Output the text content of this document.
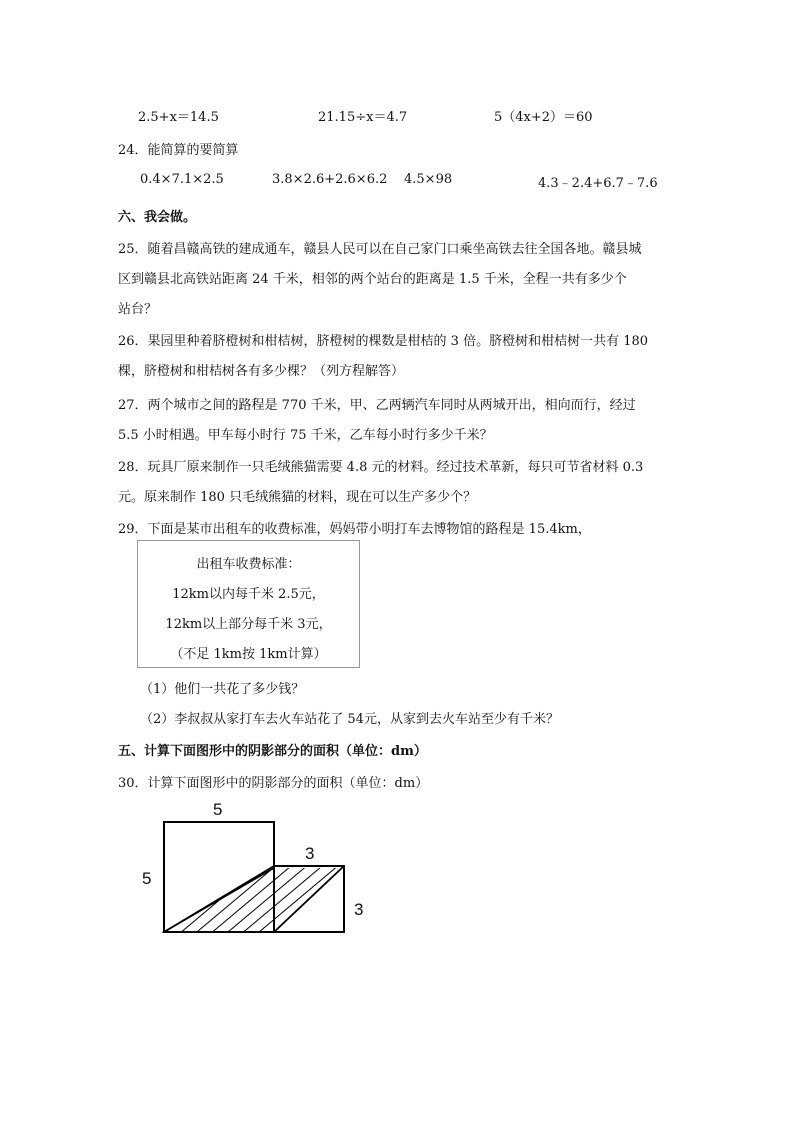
2.5+x＝14.5	21.15÷x＝4.7	5（4x+2）＝60
24．能简算的要简算
0.4×7.1×2.5	3.8×2.6+2.6×6.2 4.5×98	4.3﹣2.4+6.7﹣7.6
六、我会做。
25．随着昌赣高铁的建成通车，赣县人民可以在自己家门口乘坐高铁去往全国各地。赣县城
区到赣县北高铁站距离 24 千米，相邻的两个站台的距离是 1.5 千米，全程一共有多少个
站台？
26．果园里种着脐橙树和柑桔树，脐橙树的棵数是柑桔的 3 倍。脐橙树和柑桔树一共有 180
棵，脐橙树和柑桔树各有多少棵？（列方程解答）
27．两个城市之间的路程是 770 千米，甲、乙两辆汽车同时从两城开出，相向而行，经过
5.5 小时相遇。甲车每小时行 75 千米，乙车每小时行多少千米？
28．玩具厂原来制作一只毛绒熊猫需要 4.8 元的材料。经过技术革新，每只可节省材料 0.3
元。原来制作 180 只毛绒熊猫的材料，现在可以生产多少个？
29．下面是某市出租车的收费标准，妈妈带小明打车去博物馆的路程是 15.4km，
出租车收费标准：
12km以内每千米 2.5元，
12km以上部分每千米 3元，
（不足 1km按 1km计算）
（1）他们一共花了多少钱？
（2）李叔叔从家打车去火车站花了 54元，从家到去火车站至少有千米？
五、计算下面图形中的阴影部分的面积（单位：dm）
30．计算下面图形中的阴影部分的面积（单位：dm）
5
5
3
3
